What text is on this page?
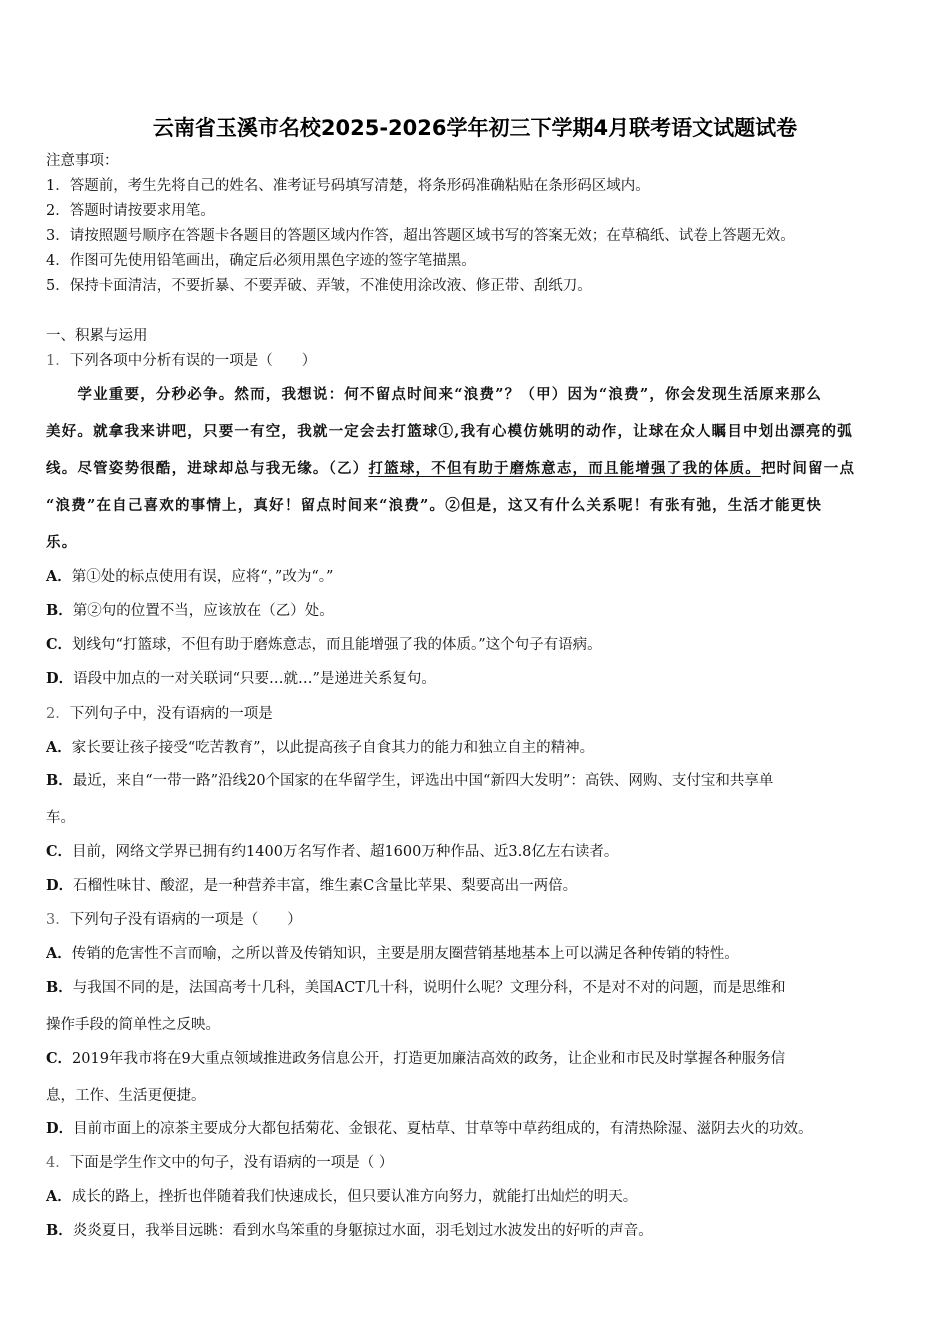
云南省玉溪市名校2025-2026学年初三下学期4月联考语文试题试卷
注意事项：
1．答题前，考生先将自己的姓名、准考证号码填写清楚，将条形码准确粘贴在条形码区域内。
2．答题时请按要求用笔。
3．请按照题号顺序在答题卡各题目的答题区域内作答，超出答题区域书写的答案无效；在草稿纸、试卷上答题无效。
4．作图可先使用铅笔画出，确定后必须用黑色字迹的签字笔描黑。
5．保持卡面清洁，不要折暴、不要弄破、弄皱，不准使用涂改液、修正带、刮纸刀。
一、积累与运用
1．下列各项中分析有误的一项是（　　）
　　学业重要，分秒必争。然而，我想说：何不留点时间来“浪费”？（甲）因为“浪费”，你会发现生活原来那么
美好。就拿我来讲吧，只要一有空，我就一定会去打篮球①,我有心模仿姚明的动作，让球在众人瞩目中划出漂亮的弧
线。尽管姿势很酷，进球却总与我无缘。（乙）打篮球，不但有助于磨炼意志，而且能增强了我的体质。把时间留一点
“浪费”在自己喜欢的事情上，真好！留点时间来“浪费”。②但是，这又有什么关系呢！有张有弛，生活才能更快
乐。
A．第①处的标点使用有误，应将“，”改为“。”
B．第②句的位置不当，应该放在（乙）处。
C．划线句“打篮球，不但有助于磨炼意志，而且能增强了我的体质。”这个句子有语病。
D．语段中加点的一对关联词“只要…就…”是递进关系复句。
2．下列句子中，没有语病的一项是
A．家长要让孩子接受“吃苦教育”，以此提高孩子自食其力的能力和独立自主的精神。
B．最近，来自“一带一路”沿线20个国家的在华留学生，评选出中国“新四大发明”：高铁、网购、支付宝和共享单
车。
C．目前，网络文学界已拥有约1400万名写作者、超1600万种作品、近3.8亿左右读者。
D．石榴性味甘、酸涩，是一种营养丰富，维生素C含量比苹果、梨要高出一两倍。
3．下列句子没有语病的一项是（　　）
A．传销的危害性不言而喻，之所以普及传销知识，主要是朋友圈营销基地基本上可以满足各种传销的特性。
B．与我国不同的是，法国高考十几科，美国ACT几十科，说明什么呢？文理分科，不是对不对的问题，而是思维和
操作手段的简单性之反映。
C．2019年我市将在9大重点领域推进政务信息公开，打造更加廉洁高效的政务，让企业和市民及时掌握各种服务信
息，工作、生活更便捷。
D．目前市面上的凉茶主要成分大都包括菊花、金银花、夏枯草、甘草等中草药组成的，有清热除湿、滋阴去火的功效。
4．下面是学生作文中的句子，没有语病的一项是（ ）
A．成长的路上，挫折也伴随着我们快速成长，但只要认准方向努力，就能打出灿烂的明天。
B．炎炎夏日，我举目远眺：看到水鸟笨重的身躯掠过水面，羽毛划过水波发出的好听的声音。
